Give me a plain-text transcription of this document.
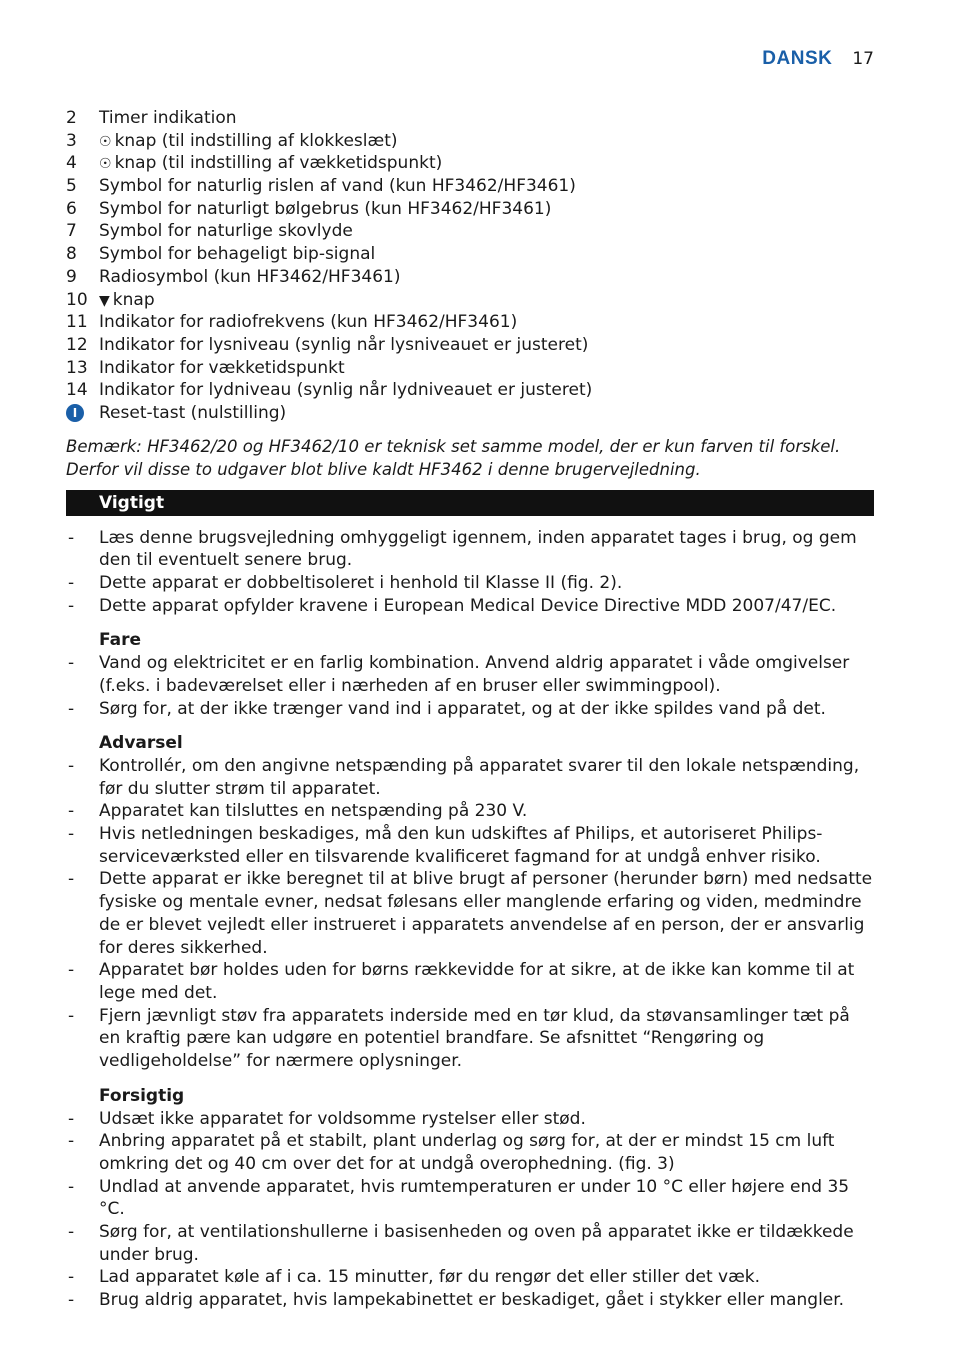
DANSK 17
2	Timer indikation
3	☉ knap (til indstilling af klokkeslæt)
4	☉ knap (til indstilling af vækketidspunkt)
5	Symbol for naturlig rislen af vand (kun HF3462/HF3461)
6	Symbol for naturligt bølgebrus (kun HF3462/HF3461)
7	Symbol for naturlige skovlyde
8	Symbol for behageligt bip-signal
9	Radiosymbol (kun HF3462/HF3461)
10 ▼ knap
11 Indikator for radiofrekvens (kun HF3462/HF3461)
12 Indikator for lysniveau (synlig når lysniveauet er justeret)
13 Indikator for vækketidspunkt
14 Indikator for lydniveau (synlig når lydniveauet er justeret)
I	Reset-tast (nulstilling)
Bemærk: HF3462/20 og HF3462/10 er teknisk set samme model, der er kun farven til forskel. Derfor vil disse to udgaver blot blive kaldt HF3462 i denne brugervejledning.
Vigtigt
-	Læs denne brugsvejledning omhyggeligt igennem, inden apparatet tages i brug, og gem den til eventuelt senere brug.
-	Dette apparat er dobbeltisoleret i henhold til Klasse II (fig. 2).
-	Dette apparat opfylder kravene i European Medical Device Directive MDD 2007/47/EC.
Fare
-	Vand og elektricitet er en farlig kombination. Anvend aldrig apparatet i våde omgivelser (f.eks. i badeværelset eller i nærheden af en bruser eller swimmingpool).
-	Sørg for, at der ikke trænger vand ind i apparatet, og at der ikke spildes vand på det.
Advarsel
-	Kontrollér, om den angivne netspænding på apparatet svarer til den lokale netspænding, før du slutter strøm til apparatet.
-	Apparatet kan tilsluttes en netspænding på 230 V.
-	Hvis netledningen beskadiges, må den kun udskiftes af Philips, et autoriseret Philips-serviceværksted eller en tilsvarende kvalificeret fagmand for at undgå enhver risiko.
-	Dette apparat er ikke beregnet til at blive brugt af personer (herunder børn) med nedsatte fysiske og mentale evner, nedsat følesans eller manglende erfaring og viden, medmindre de er blevet vejledt eller instrueret i apparatets anvendelse af en person, der er ansvarlig for deres sikkerhed.
-	Apparatet bør holdes uden for børns rækkevidde for at sikre, at de ikke kan komme til at lege med det.
-	Fjern jævnligt støv fra apparatets inderside med en tør klud, da støvansamlinger tæt på en kraftig pære kan udgøre en potentiel brandfare. Se afsnittet “Rengøring og vedligeholdelse” for nærmere oplysninger.
Forsigtig
-	Udsæt ikke apparatet for voldsomme rystelser eller stød.
-	Anbring apparatet på et stabilt, plant underlag og sørg for, at der er mindst 15 cm luft omkring det og 40 cm over det for at undgå overophedning. (fig. 3)
-	Undlad at anvende apparatet, hvis rumtemperaturen er under 10 °C eller højere end 35 °C.
-	Sørg for, at ventilationshullerne i basisenheden og oven på apparatet ikke er tildækkede under brug.
-	Lad apparatet køle af i ca. 15 minutter, før du rengør det eller stiller det væk.
-	Brug aldrig apparatet, hvis lampekabinettet er beskadiget, gået i stykker eller mangler.
